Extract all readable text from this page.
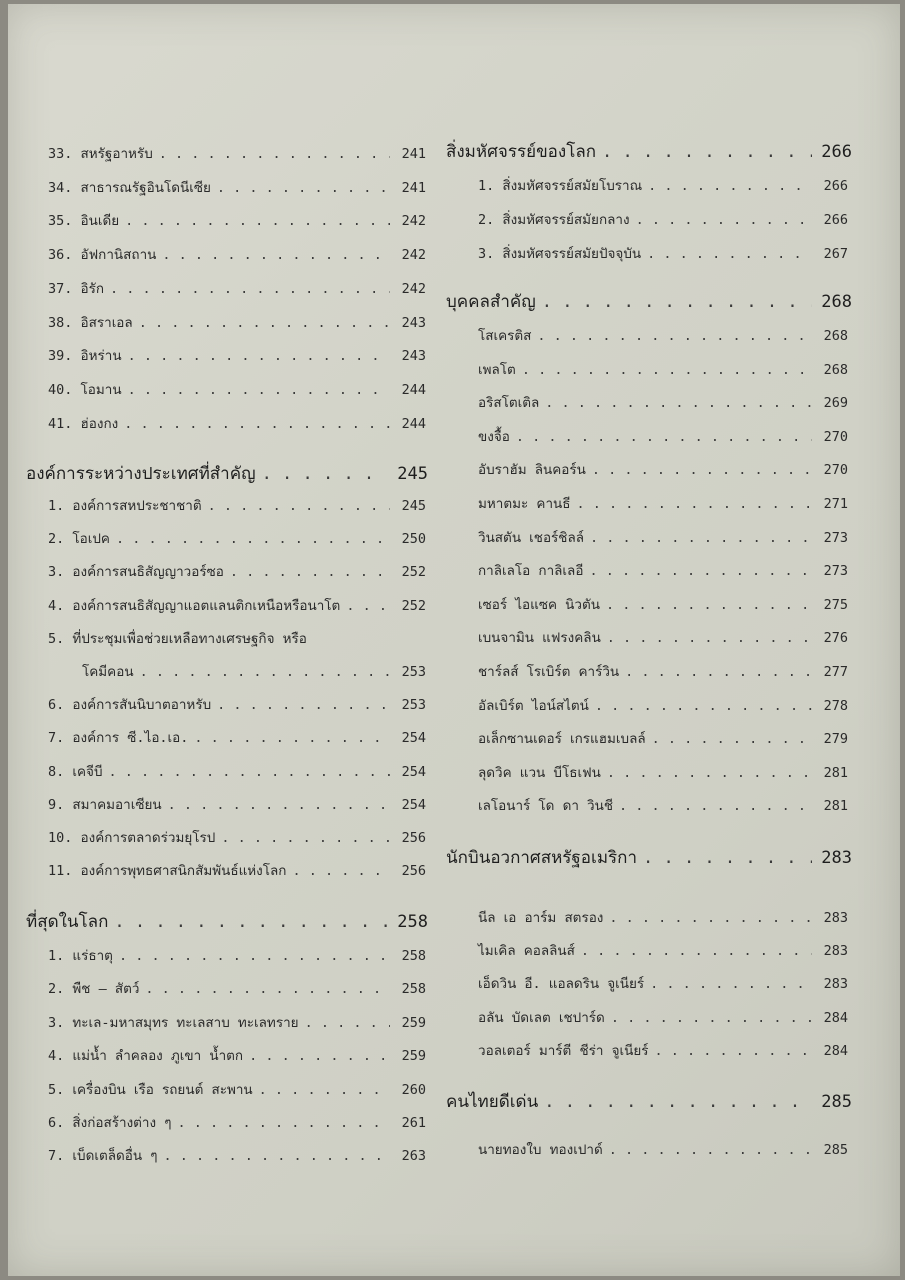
33. สหรัฐอาหรับ . . .	241
34. สาธารณรัฐอินโดนีเซีย . . .	241
35. อินเดีย . . .	242
36. อัฟกานิสถาน . . .	242
37. อิรัก . . .	242
38. อิสราเอล . . .	243
39. อิหร่าน . . .	243
40. โอมาน . . .	244
41. ฮ่องกง . . .	244
องค์การระหว่างประเทศที่สำคัญ . . .	245
1. องค์การสหประชาชาติ . . .	245
2. โอเปค . . .	250
3. องค์การสนธิสัญญาวอร์ซอ . . .	252
4. องค์การสนธิสัญญาแอตแลนติกเหนือหรือนาโต . . .	252
5. ที่ประชุมเพื่อช่วยเหลือทางเศรษฐกิจ หรือ
โคมีคอน . . .	253
6. องค์การสันนิบาตอาหรับ . . .	253
7. องค์การ ซี.ไอ.เอ. . . .	254
8. เคจีบี . . .	254
9. สมาคมอาเซียน . . .	254
10. องค์การตลาดร่วมยุโรป . . .	256
11. องค์การพุทธศาสนิกสัมพันธ์แห่งโลก . . .	256
ที่สุดในโลก . . .	258
1. แร่ธาตุ . . .	258
2. พืช – สัตว์ . . .	258
3. ทะเล-มหาสมุทร ทะเลสาบ ทะเลทราย . . .	259
4. แม่น้ำ ลำคลอง ภูเขา น้ำตก . . .	259
5. เครื่องบิน เรือ รถยนต์ สะพาน . . .	260
6. สิ่งก่อสร้างต่าง ๆ . . .	261
7. เบ็ดเตล็ดอื่น ๆ . . .	263
สิ่งมหัศจรรย์ของโลก . . .	266
1. สิ่งมหัศจรรย์สมัยโบราณ . . .	266
2. สิ่งมหัศจรรย์สมัยกลาง . . .	266
3. สิ่งมหัศจรรย์สมัยปัจจุบัน . . .	267
บุคคลสำคัญ . . .	268
โสเครติส . . .	268
เพลโต . . .	268
อริสโตเติล . . .	269
ขงจื้อ . . .	270
อับราฮัม ลินคอร์น . . .	270
มหาตมะ คานธี . . .	271
วินสตัน เชอร์ชิลล์ . . .	273
กาลิเลโอ กาลิเลอี . . .	273
เซอร์ ไอแซค นิวตัน . . .	275
เบนจามิน แฟรงคลิน . . .	276
ชาร์ลส์ โรเบิร์ต คาร์วิน . . .	277
อัลเบิร์ต ไอน์สไตน์ . . .	278
อเล็กซานเดอร์ เกรแฮมเบลล์ . . .	279
ลุดวิค แวน บีโธเฟน . . .	281
เลโอนาร์ โด ดา วินชี . . .	281
นักบินอวกาศสหรัฐอเมริกา . . .	283
นีล เอ อาร์ม สตรอง . . .	283
ไมเคิล คอลลินส์ . . .	283
เอ็ดวิน อี. แอลดริน จูเนียร์ . . .	283
อลัน บัดเลต เชปาร์ด . . .	284
วอลเตอร์ มาร์ตี ชีร่า จูเนียร์ . . .	284
คนไทยดีเด่น . . .	285
นายทองใบ ทองเปาด์ . . .	285
